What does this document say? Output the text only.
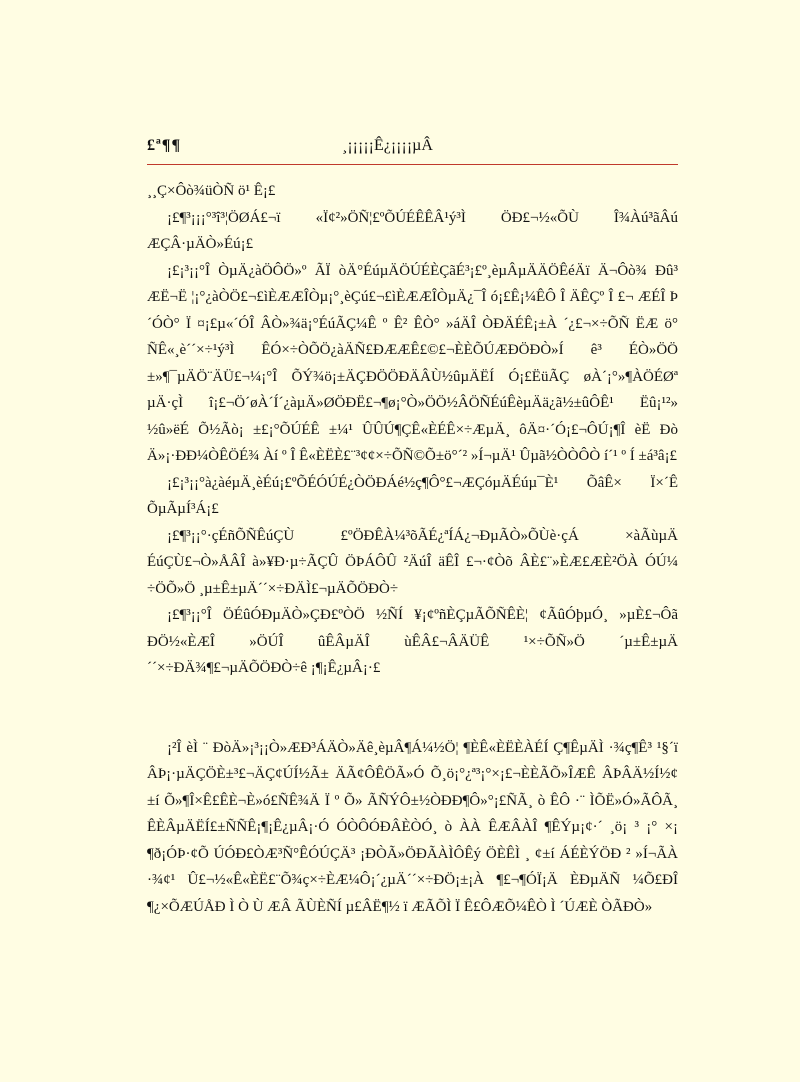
£ª¶¶	¸¡¡¡¡¡Ê¿¡¡¡¡µÂ

¸¸Ç×Ôò¾üÒÑ ö¹ Ê¡£

¡£¶³¡¡¡°³î³¦ÖØÁ£¬ï «Ï¢²»ÖÑ¦£ºÕÚÉÊÊÂ¹ý³Ì ÖÐ£¬½«ÕÙ Î¾Àú³ãÂú ÆÇÂ·µÄÒ»Éú¡£

¡£¡³¡¡°Î ÒµÄ¿àÖÔÖ»º ÃÏ òÄ°ÉúµÄÖÚÉÈÇãÉ³¡£º¸èµÂµÄÄÖÊéÄï Ä¬Ôò¾ Ðû³ ÆË¬Ë ¦¡°¿àÒÖ£¬£ìÈÆÆÎÒµ¡°¸èÇú£¬£ìÈÆÆÎÒµÄ¿¯Î ó¡£Ê¡¼ÊÔ Î ÄÊÇº Î £¬ ÆÉÎ Þ´ÓÒ° Ï ¤¡£µ«´ÓÎ ÂÒ»¾ä¡°ÉúÃÇ¼Ê º Ê² ÊÒ° »áÄÎ ÒÐÄÉÊ¡±À ´¿£¬×÷ÕÑ ËÆ ö° ÑÊ«¸è´´×÷¹ý³Ì ÊÓ×÷ÒÕÖ¿àÄÑ£ÐÆÆÊ£©£¬ÈÈÕÚÆÐÖÐÒ»Í ê³ ÉÒ»ÖÖ ±»¶¯µÄÖ¨ÄÜ£¬¼¡°Î ÕÝ¾ö¡±ÄÇÐÖÖÐÄÂÙ½ûµÄËÍ Ó¡£ËüÃÇ øÀ´¡°»¶ÀÖÉØª µÄ·çÌ î¡£¬Ö´øÀ´Í´¿àµÄ»ØÖÐË£¬¶ø¡°Ò»ÖÖ½ÂÖÑÉúÊèµÄä¿ã½±ûÔÊ¹ Ëû¡¹²» ½û»ëÉ Õ½Ãò¡ ±£¡°ÕÚÉÊ ±¼¹ ÛÛÚ¶ÇÊ«ÈÉÊ×÷ÆµÄ¸ ôÄ¤·´Ó¡£¬ÔÚ¡¶Î èË Ðò Ä»¡·ÐÐ¼ÒÊÖÉ¾ Àí º Î Ê«ÈËÈ£¨³¢¢×÷ÕÑ©Õ±ö°´² »Í¬µÄ¹ Ûµã½ÒÒÔÒ í´¹ º Í ±á³â¡£

¡£¡³¡¡°à¿àéµÄ¸èÉú¡£ºÕÉÓÚÉ¿ÒÖÐÁé½ç¶Ô°£¬ÆÇóµÄÉúµ¯È¹ ÕâÊ× Ï×´Ê ÕµÃµÍ³Á¡£

¡£¶³¡¡°·çÉñÕÑÊúÇÙ £ºÖÐÊÀ¼³õÃÉ¿ªÍÁ¿¬ÐµÃÒ»ÕÙè·çÁ ×àÃùµÄ ÉúÇÙ£¬Ò»ÅÂÎ à»¥Ð·µ÷ÃÇÛ ÖÞÁÔÛ ²ÄúÎ äÊÎ £¬·¢Òõ ÂÈ£¨»ÈÆ£ÆÈ²ÖÀ ÓÚ¼ ÷ÖÕ»Ö ¸µ±Ê±µÄ´´×÷ÐÄÌ£¬µÄÕÖÐÒ÷

¡£¶³¡¡°Î ÖÉûÓÐµÄÒ»ÇÐ£ºÒÖ ½ÑÍ ¥¡¢ºñÈÇµÃÕÑÊÈ¦ ¢ÃûÓþµÓ¸ »µÈ£¬Ôã ÐÖ½«ÈÆÎ »ÖÚÎ ûÊÂµÄÎ ùÊÂ£¬ÂÄÜÊ ¹×÷ÕÑ»Ö ´µ±Ê±µÄ´´×÷ÐÄ¾¶£¬µÄÕÖÐÒ÷ê ¡¶¡Ê¿µÂ¡·£

¡²Î èÌ ¨ ÐòÄ»¡³¡¡Ò»ÆÐ³ÁÄÒ»Äê¸èµÂ¶Á¼½Ö¦ ¶ÈÊ«ÈËÈÀÉÍ Ç¶ÊµÄÌ ·¾ç¶Ê³ ¹§´ï ÂÞ¡·µÄÇÖÈ±³£¬ÄÇ¢ÚÍ½Ã± ÄÃ¢ÔÊÖÃ»Ó Õ¸ö¡°¿ª³¡°×¡£¬ÈÈÃÕ»ÎÆÊ ÂÞÂÄ½Í½¢±í Õ»¶Î×Ê£ÊÈ¬È»ó£ÑÊ¾Ä Ï º Õ» ÃÑÝÔ±½ÒÐÐ¶Ô»°¡£ÑÃ¸ ò ÊÔ ·¨ ÌÕË»Ó»ÃÔÃ¸ ÊÈÂµÄËÍ£±ÑÑÊ¡¶¡Ê¿µÂ¡·Ó ÓÒÔÓÐÂÈÒÓ¸ ò ÀÀ ÊÆÂÀÎ ¶ÊÝµ¡¢·´ ¸ö¡ ³ ¡° ×¡ ¶ð¡ÓÞ·¢Õ ÚÓÐ£ÒÆ³Ñ°ÊÓÚÇÄ³ ¡ÐÒÃ»ÖÐÃÀÌÔÊý ÖÈÊÌ ¸ ¢±í ÁÉÈÝÖÐ ² »Í¬ÃÀ ·¾¢¹ Û£¬½«Ê«ÈË£¨Õ¾ç×÷ÈÆ¼Ô¡´¿µÄ´´×÷ÐÖ¡±¡À ¶£¬¶ÓÏ¡Ä ÈÐµÄÑ ¼Õ£ÐÎ ¶¿×ÕÆÚÅÐ Ì Ò Ù ÆÂ ÃÙÈÑÍ µ£ÂË¶½ ï ÆÃÕÌ Ï Ê£ÔÆÕ¼ÊÒ Ì ´ÚÆÈ ÒÃÐÒ»
